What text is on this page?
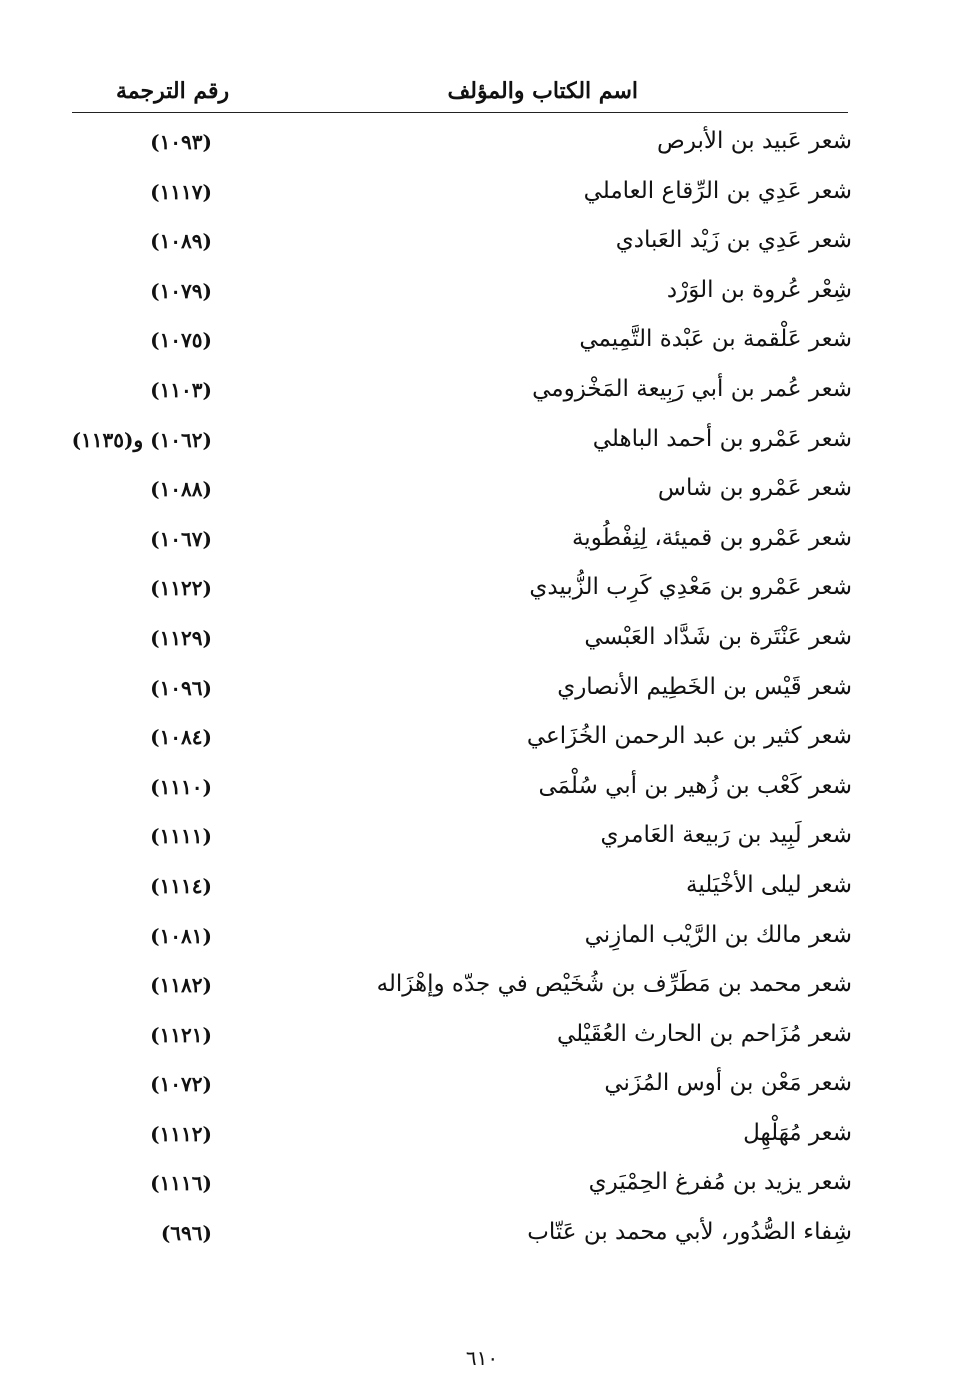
اسم الكتاب والمؤلف
رقم الترجمة
شعر عَبيد بن الأبرص
(١٠٩٣)
شعر عَدِي بن الرِّقاع العاملي
(١١١٧)
شعر عَدِي بن زَيْد العَبادي
(١٠٨٩)
شِعْر عُروة بن الوَرْد
(١٠٧٩)
شعر عَلْقمة بن عَبْدة التَّمِيمي
(١٠٧٥)
شعر عُمر بن أبي رَبِيعة المَخْزومي
(١١٠٣)
شعر عَمْرو بن أحمد الباهلي
(١٠٦٢) و(١١٣٥)
شعر عَمْرو بن شاس
(١٠٨٨)
شعر عَمْرو بن قميئة، لِنِفْطُوية
(١٠٦٧)
شعر عَمْرو بن مَعْدِي كَرِب الزُّبيدي
(١١٢٢)
شعر عَنْتَرة بن شَدَّاد العَبْسي
(١١٢٩)
شعر قَيْس بن الخَطِيم الأنصاري
(١٠٩٦)
شعر كثير بن عبد الرحمن الخُزَاعي
(١٠٨٤)
شعر كَعْب بن زُهير بن أبي سُلْمَى
(١١١٠)
شعر لَبِيد بن رَبيعة العَامري
(١١١١)
شعر ليلى الأخْيَلية
(١١١٤)
شعر مالك بن الرَّيْب المازِني
(١٠٨١)
شعر محمد بن مَطَرِّف بن شُخَيْص في جدّه وإهْزَاله
(١١٨٢)
شعر مُزَاحم بن الحارث العُقَيْلي
(١١٢١)
شعر مَعْن بن أوس المُزَني
(١٠٧٢)
شعر مُهَلْهِل
(١١١٢)
شعر يزيد بن مُفرغ الحِمْيَري
(١١١٦)
شِفاء الصُّدُور، لأبي محمد بن عَتّاب
(٦٩٦)
٦١٠
